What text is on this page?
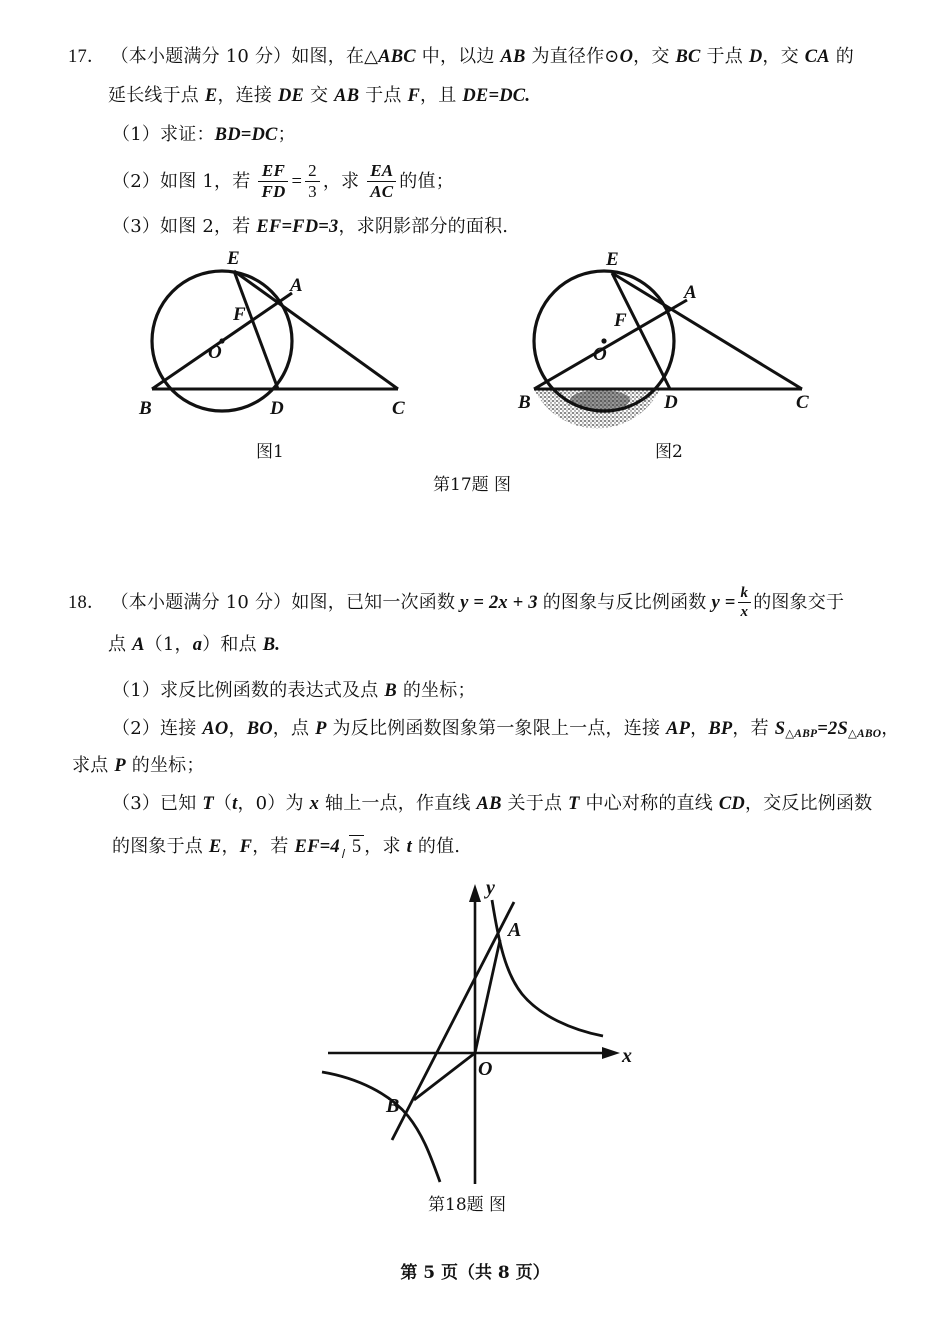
17． （本小题满分 10 分）如图，在△ABC 中，以边 AB 为直径作⊙O，交 BC 于点 D，交 CA 的
延长线于点 E，连接 DE 交 AB 于点 F，且 DE=DC.
（1）求证：BD=DC；
（2）如图 1，若 $\frac{EF}{FD} = \frac{2}{3}$ ，求 $\frac{EA}{AC}$ 的值；
（3）如图 2，若 EF=FD=3，求阴影部分的面积.
E
A
F
O
B	D	C
E
A
F
O
B	D	C
图1	图2
第17题 图
18． （本小题满分 10 分）如图，已知一次函数 y = 2x + 3 的图象与反比例函数 $y = \frac{k}{x}$ 的图象交于
点 A（1，a）和点 B.
（1）求反比例函数的表达式及点 B 的坐标；
（2）连接 AO，BO，点 P 为反比例函数图象第一象限上一点，连接 AP，BP，若 $S_{\triangle ABP}=2S_{\triangle ABO}$，
求点 P 的坐标；
（3）已知 T（t，0）为 x 轴上一点，作直线 AB 关于点 T 中心对称的直线 CD，交反比例函数
的图象于点 E，F，若 EF=4 5 ，求 t 的值.
y
x
O
A
B
第18题 图
第 5 页（共 8 页）
